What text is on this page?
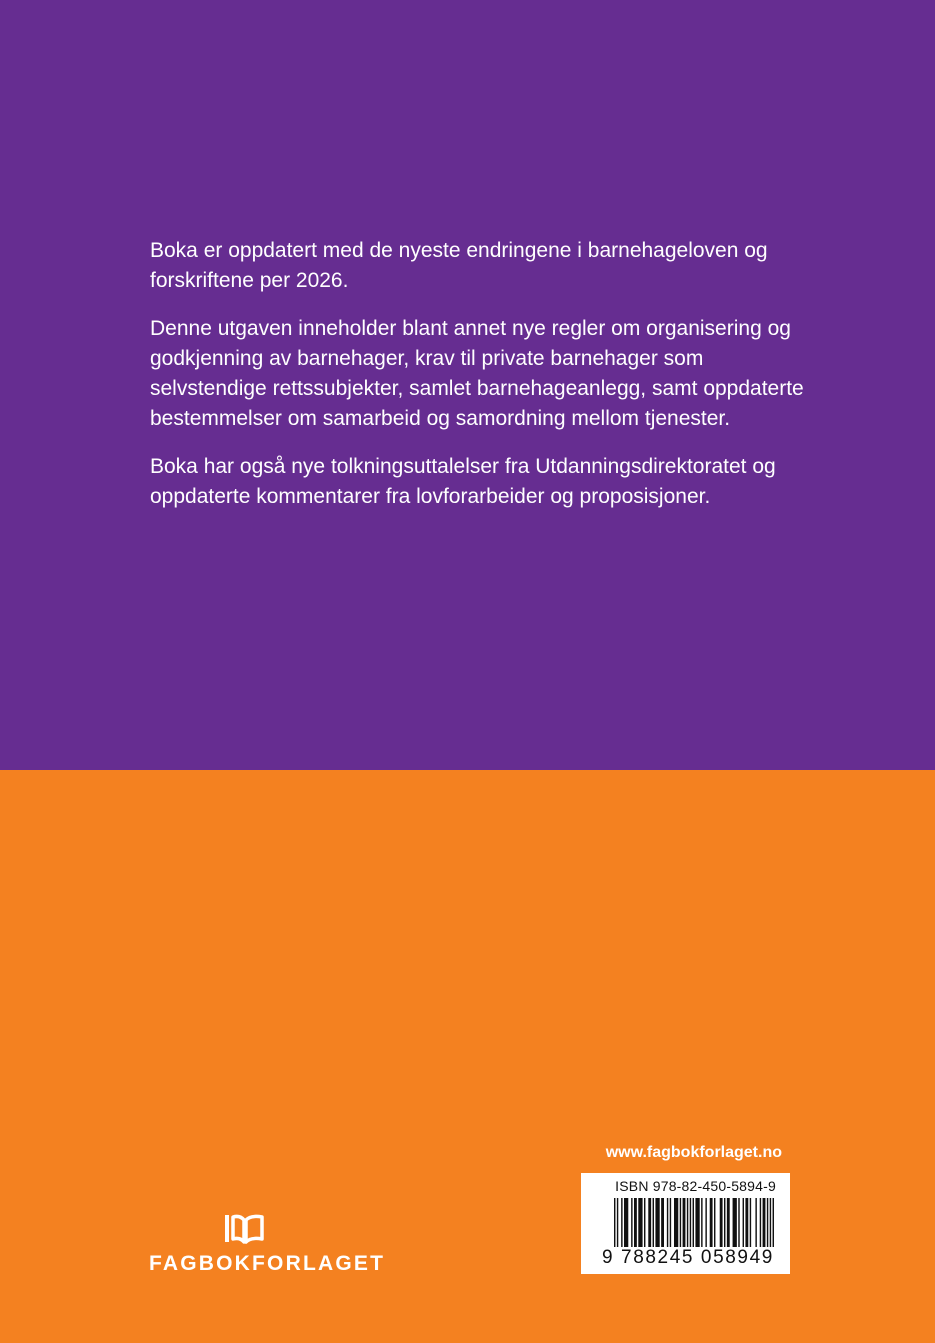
Boka er oppdatert med de nyeste endringene i barnehageloven og forskriftene per 2026.

Denne utgaven inneholder blant annet nye regler om organisering og godkjenning av barnehager, krav til private barnehager som selvstendige rettssubjekter, samlet barnehageanlegg, samt oppdaterte bestemmelser om samarbeid og samordning mellom tjenester.

Boka har også nye tolkningsuttalelser fra Utdanningsdirektoratet og oppdaterte kommentarer fra lovforarbeider og proposisjoner.

www.fagbokforlaget.no
ISBN 978-82-450-5894-9
9 788245 058949
FAGBOKFORLAGET
